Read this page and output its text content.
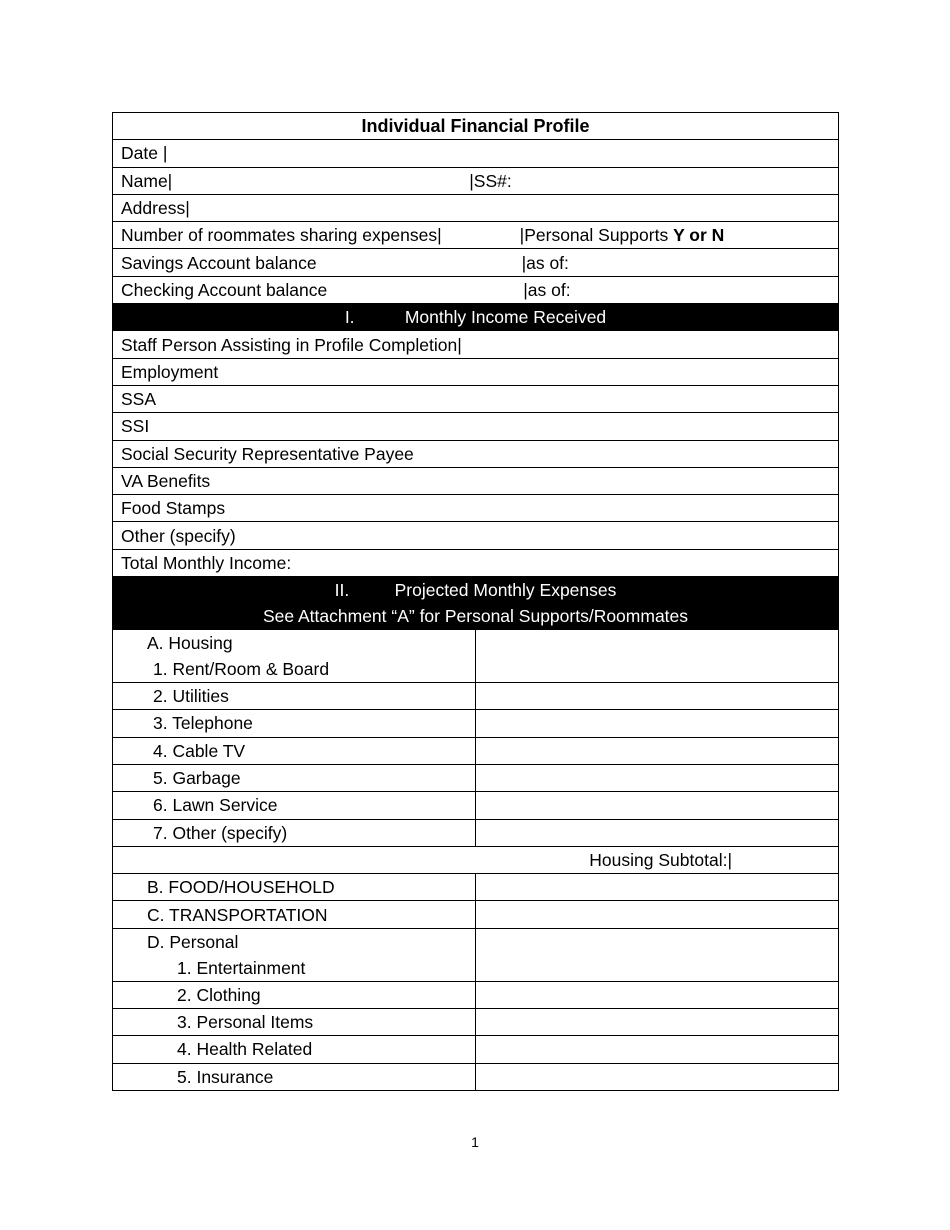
Individual Financial Profile	
Date |	
Name| |SS#:	
Address|	
Number of roommates sharing expenses| |Personal Supports Y or N	
Savings Account balance |as of:	
Checking Account balance |as of:	
I. Monthly Income Received	
Staff Person Assisting in Profile Completion|	
Employment	
SSA	
SSI	
Social Security Representative Payee	
VA Benefits	
Food Stamps	
Other (specify)	
Total Monthly Income:	

II. Projected Monthly Expenses
See Attachment “A” for Personal Supports/Roommates	

A. Housing
1. Rent/Room & Board	

2. Utilities	
3. Telephone	
4. Cable TV	
5. Garbage	
6. Lawn Service	
7. Other (specify)	
Housing Subtotal:|	
B. FOOD/HOUSEHOLD	
C. TRANSPORTATION	

D. Personal
1. Entertainment	

2. Clothing	
3. Personal Items	
4. Health Related	
5. Insurance	
1
